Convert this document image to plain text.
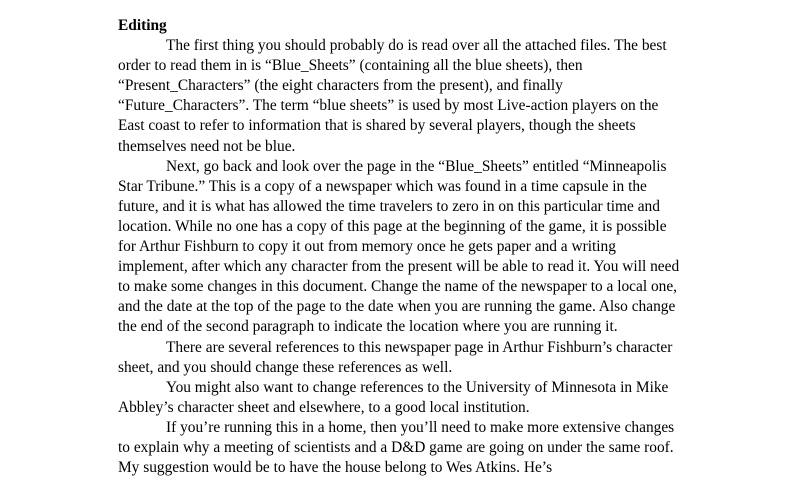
Editing

The first thing you should probably do is read over all the attached files. The best order to read them in is “Blue_Sheets” (containing all the blue sheets), then “Present_Characters” (the eight characters from the present), and finally “Future_Characters”. The term “blue sheets” is used by most Live-action players on the East coast to refer to information that is shared by several players, though the sheets themselves need not be blue.

Next, go back and look over the page in the “Blue_Sheets” entitled “Minneapolis Star Tribune.” This is a copy of a newspaper which was found in a time capsule in the future, and it is what has allowed the time travelers to zero in on this particular time and location. While no one has a copy of this page at the beginning of the game, it is possible for Arthur Fishburn to copy it out from memory once he gets paper and a writing implement, after which any character from the present will be able to read it. You will need to make some changes in this document. Change the name of the newspaper to a local one, and the date at the top of the page to the date when you are running the game. Also change the end of the second paragraph to indicate the location where you are running it.

There are several references to this newspaper page in Arthur Fishburn’s character sheet, and you should change these references as well.

You might also want to change references to the University of Minnesota in Mike Abbley’s character sheet and elsewhere, to a good local institution.

If you’re running this in a home, then you’ll need to make more extensive changes to explain why a meeting of scientists and a D&D game are going on under the same roof. My suggestion would be to have the house belong to Wes Atkins. He’s
